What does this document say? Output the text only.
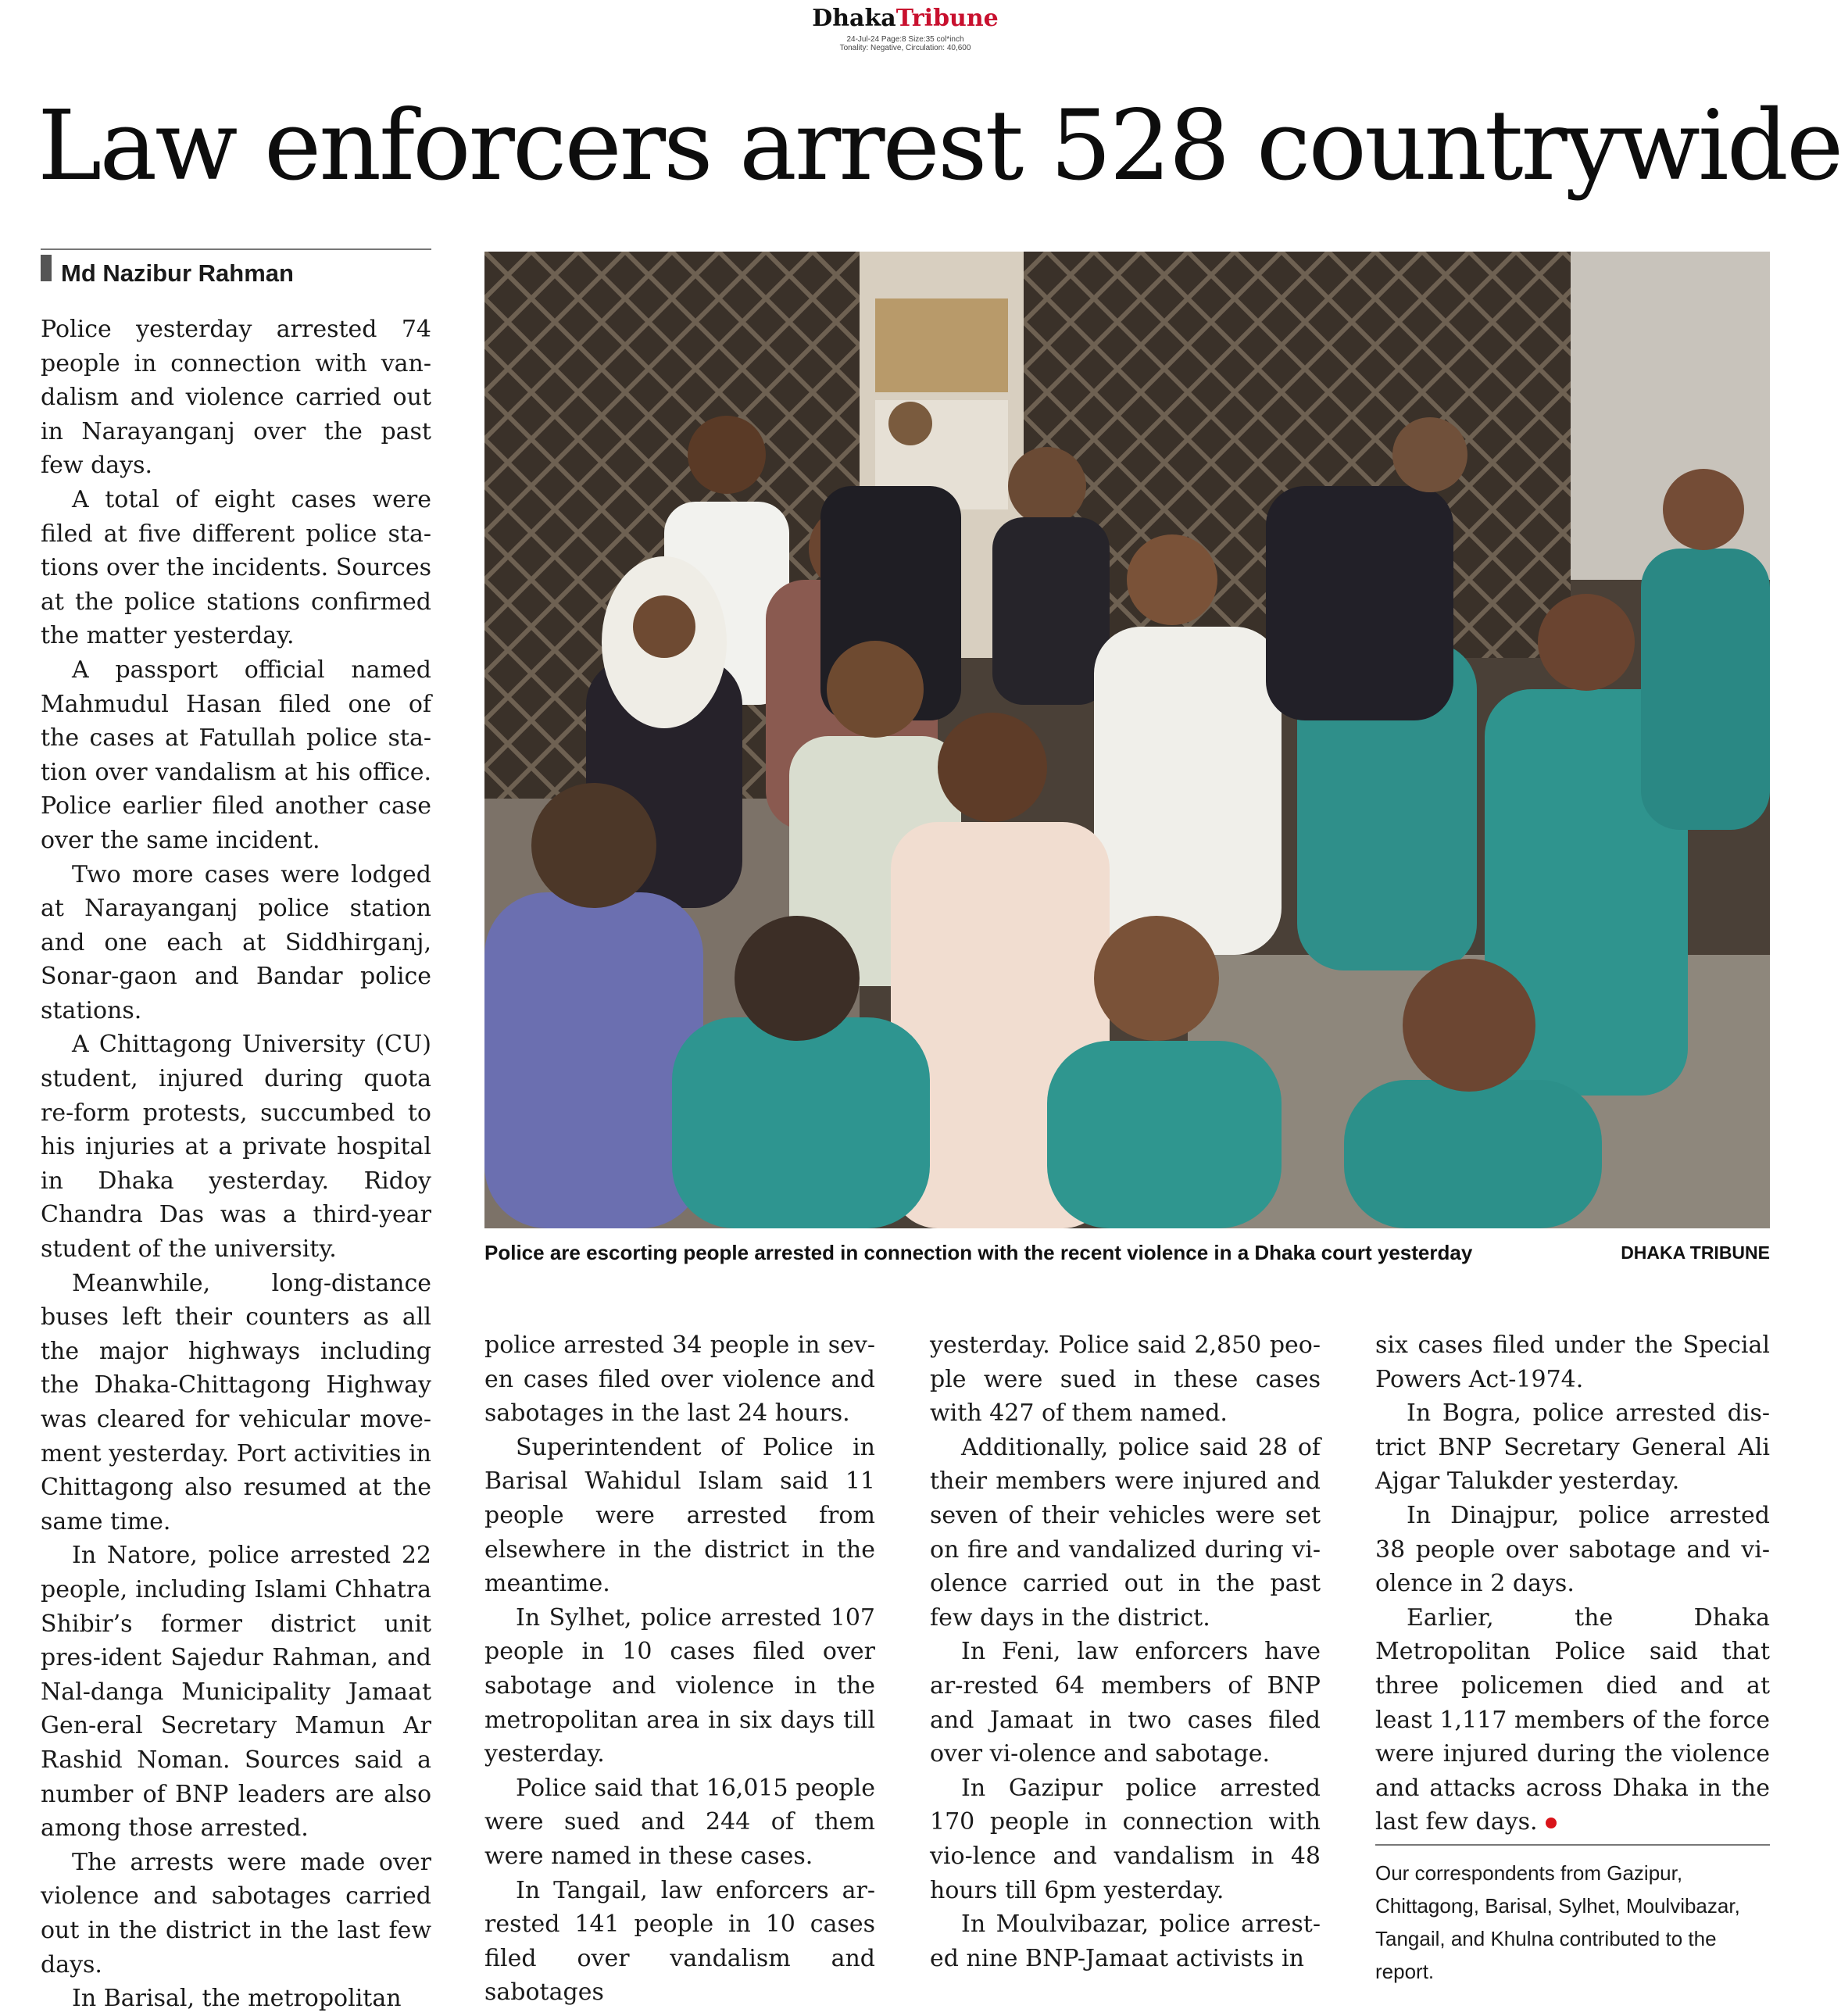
DhakaTribune
24-Jul-24 Page:8 Size:35 col*inch
Tonality: Negative, Circulation: 40,600
Law enforcers arrest 528 countrywide
Md Nazibur Rahman

Police yesterday arrested 74 people in connection with van-dalism and violence carried out in Narayanganj over the past few days.

A total of eight cases were filed at five different police sta-tions over the incidents. Sources at the police stations confirmed the matter yesterday.

A passport official named Mahmudul Hasan filed one of the cases at Fatullah police sta-tion over vandalism at his office. Police earlier filed another case over the same incident.

Two more cases were lodged at Narayanganj police station and one each at Siddhirganj, Sonar-gaon and Bandar police stations.

A Chittagong University (CU) student, injured during quota re-form protests, succumbed to his injuries at a private hospital in Dhaka yesterday. Ridoy Chandra Das was a third-year student of the university.

Meanwhile, long-distance buses left their counters as all the major highways including the Dhaka-Chittagong Highway was cleared for vehicular move-ment yesterday. Port activities in Chittagong also resumed at the same time.

In Natore, police arrested 22 people, including Islami Chhatra Shibir’s former district unit pres-ident Sajedur Rahman, and Nal-danga Municipality Jamaat Gen-eral Secretary Mamun Ar Rashid Noman. Sources said a number of BNP leaders are also among those arrested.

The arrests were made over violence and sabotages carried out in the district in the last few days.

In Barisal, the metropolitan

Police are escorting people arrested in connection with the recent violence in a Dhaka court yesterday	DHAKA TRIBUNE

police arrested 34 people in sev-en cases filed over violence and sabotages in the last 24 hours.

Superintendent of Police in Barisal Wahidul Islam said 11 people were arrested from elsewhere in the district in the meantime.

In Sylhet, police arrested 107 people in 10 cases filed over sabotage and violence in the metropolitan area in six days till yesterday.

Police said that 16,015 people were sued and 244 of them were named in these cases.

In Tangail, law enforcers ar-rested 141 people in 10 cases filed over vandalism and sabotages

yesterday. Police said 2,850 peo-ple were sued in these cases with 427 of them named.

Additionally, police said 28 of their members were injured and seven of their vehicles were set on fire and vandalized during vi-olence carried out in the past few days in the district.

In Feni, law enforcers have ar-rested 64 members of BNP and Jamaat in two cases filed over vi-olence and sabotage.

In Gazipur police arrested 170 people in connection with vio-lence and vandalism in 48 hours till 6pm yesterday.

In Moulvibazar, police arrest-ed nine BNP-Jamaat activists in

six cases filed under the Special Powers Act-1974.

In Bogra, police arrested dis-trict BNP Secretary General Ali Ajgar Talukder yesterday.

In Dinajpur, police arrested 38 people over sabotage and vi-olence in 2 days.

Earlier, the Dhaka Metropolitan Police said that three policemen died and at least 1,117 members of the force were injured during the violence and attacks across Dhaka in the last few days.

Our correspondents from Gazipur, Chittagong, Barisal, Sylhet, Moulvibazar, Tangail, and Khulna contributed to the report.
